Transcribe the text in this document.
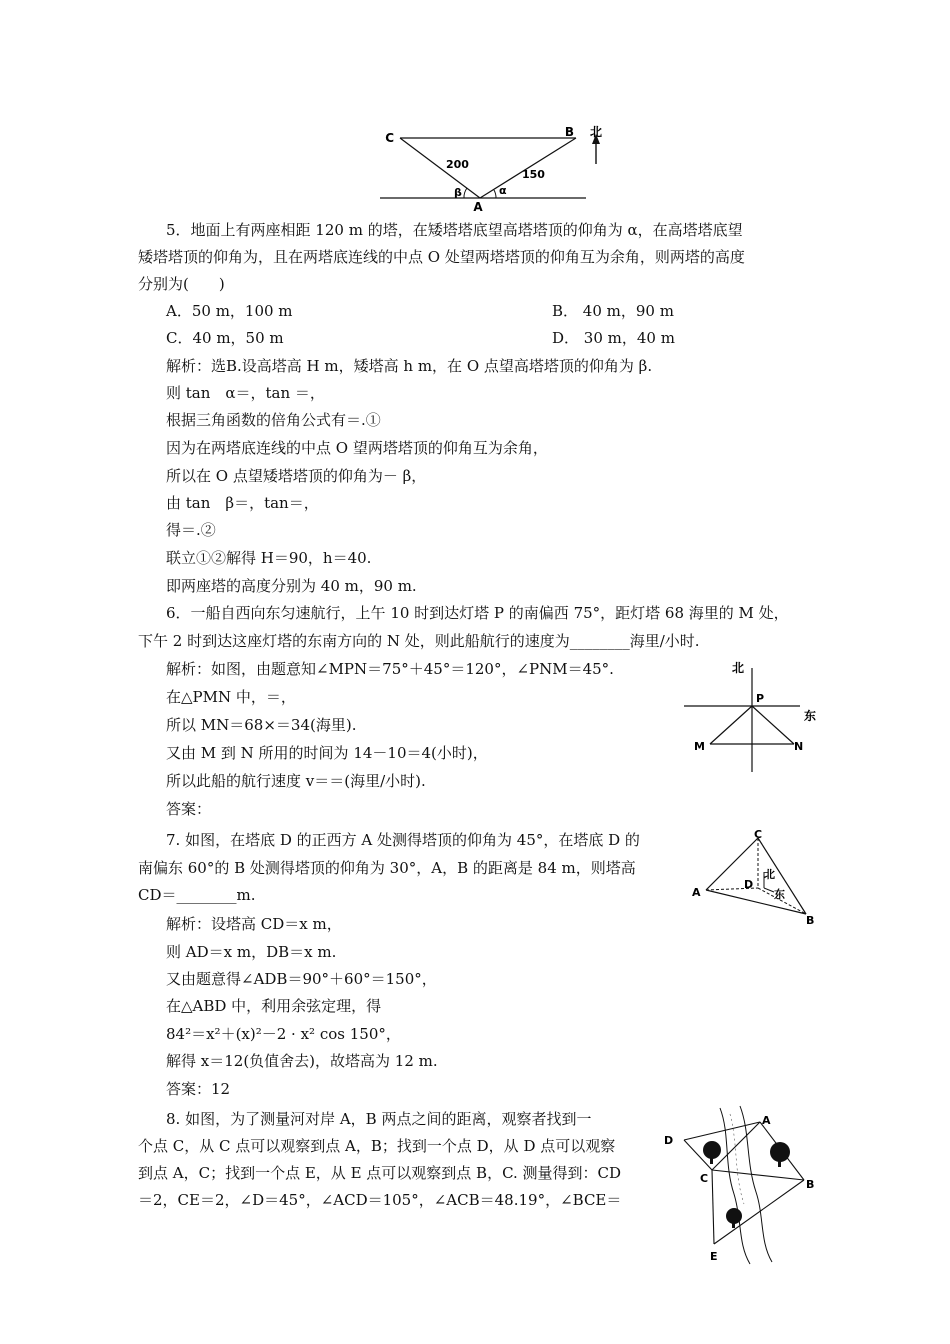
C	B
A
北
200
150
β	α
5．地面上有两座相距 120 m 的塔，在矮塔塔底望高塔塔顶的仰角为 α，在高塔塔底望
矮塔塔顶的仰角为，且在两塔底连线的中点 O 处望两塔塔顶的仰角互为余角，则两塔的高度
分别为(　　)
A．50 m，100 m	B． 40 m，90 m
C．40 m，50 m	D． 30 m，40 m
解析：选B.设高塔高 H m，矮塔高 h m，在 O 点望高塔塔顶的仰角为 β.
则 tan　α＝，tan ＝，
根据三角函数的倍角公式有＝.①
因为在两塔底连线的中点 O 望两塔塔顶的仰角互为余角，
所以在 O 点望矮塔塔顶的仰角为－ β，
由 tan　β＝，tan＝，
得＝.②
联立①②解得 H＝90，h＝40.
即两座塔的高度分别为 40 m，90 m.
6．一船自西向东匀速航行，上午 10 时到达灯塔 P 的南偏西 75°，距灯塔 68 海里的 M 处，
下午 2 时到达这座灯塔的东南方向的 N 处，则此船航行的速度为________海里/小时.
解析：如图，由题意知∠MPN＝75°＋45°＝120°，∠PNM＝45°.
在△PMN 中，＝，
所以 MN＝68×＝34(海里).
又由 M 到 N 所用的时间为 14－10＝4(小时)，
所以此船的航行速度 v＝＝(海里/小时).
答案：
北
P
东
M	N
7. 如图，在塔底 D 的正西方 A 处测得塔顶的仰角为 45°，在塔底 D 的
南偏东 60°的 B 处测得塔顶的仰角为 30°，A，B 的距离是 84 m，则塔高
CD＝________m.
解析：设塔高 CD＝x m，
则 AD＝x m，DB＝x m.
又由题意得∠ADB＝90°＋60°＝150°，
在△ABD 中，利用余弦定理，得
84²＝x²＋(x)²－2 · x² cos 150°，
解得 x＝12(负值舍去)，故塔高为 12 m.
答案：12
C
D
北
东
A
B
8. 如图，为了测量河对岸 A，B 两点之间的距离，观察者找到一
个点 C，从 C 点可以观察到点 A，B；找到一个点 D，从 D 点可以观察
到点 A，C；找到一个点 E，从 E 点可以观察到点 B，C. 测量得到：CD
＝2，CE＝2，∠D＝45°，∠ACD＝105°，∠ACB＝48.19°，∠BCE＝
A
D
C	B
E
